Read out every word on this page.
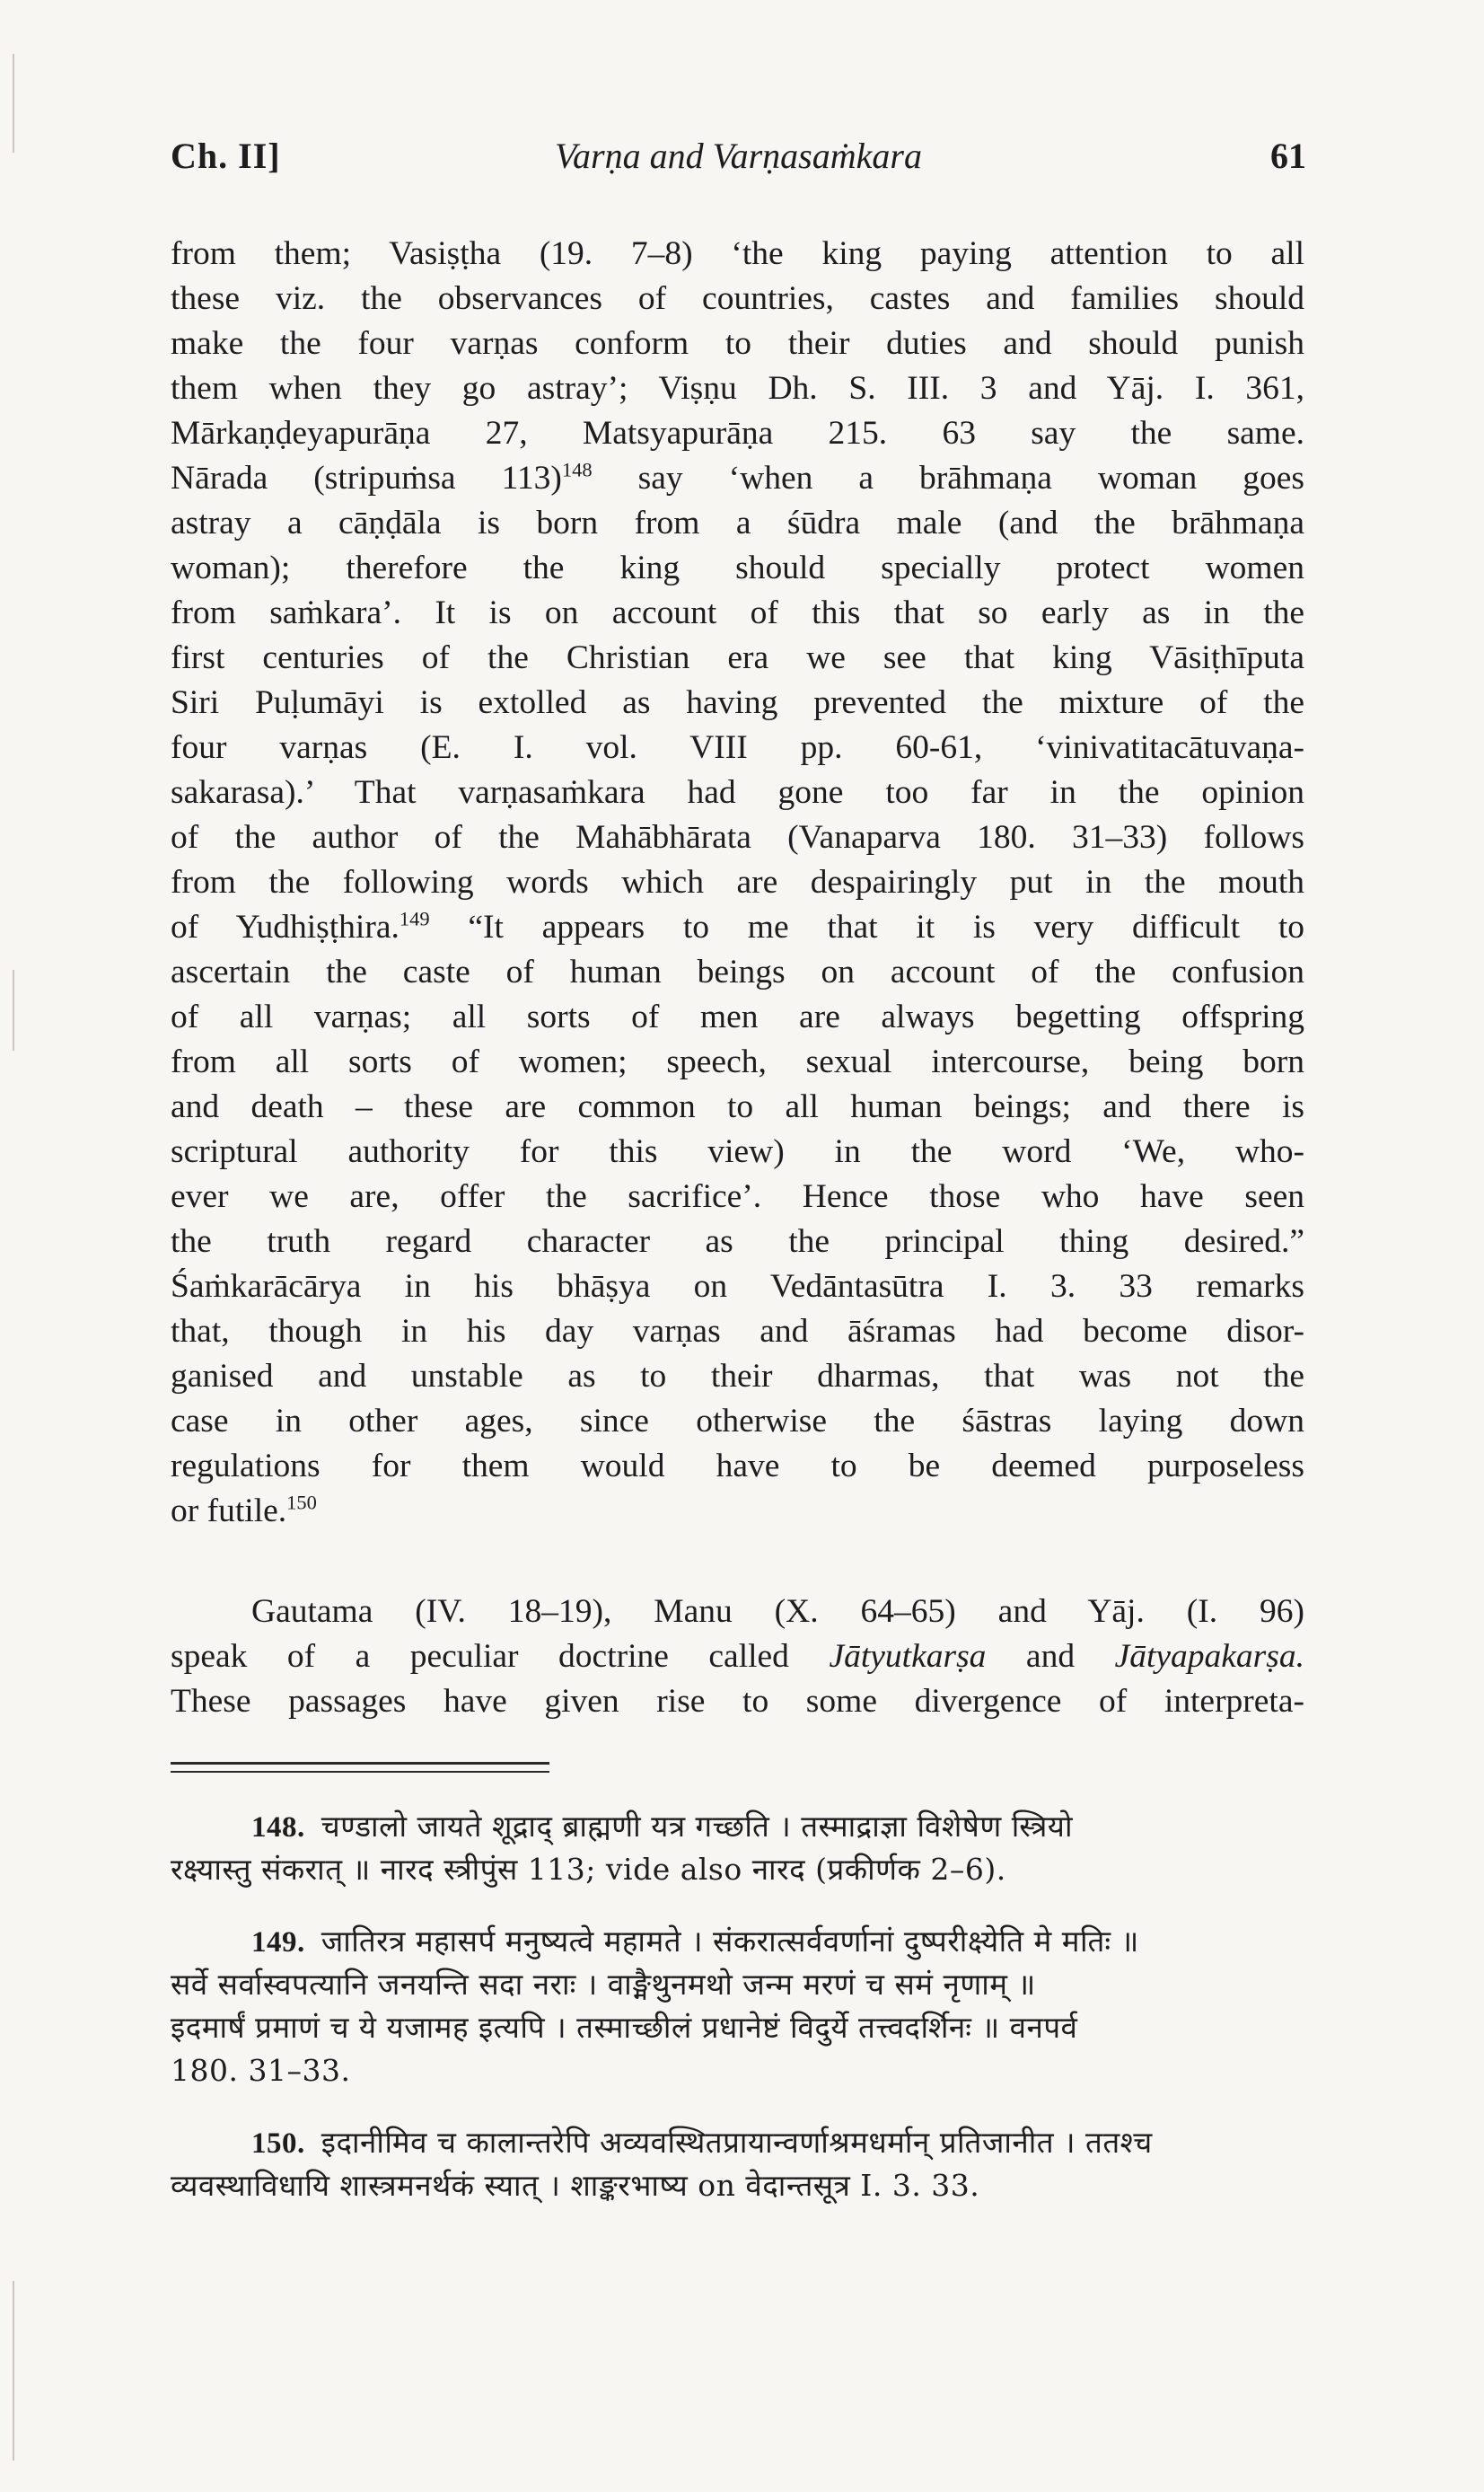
Ch. II]	Varṇa and Varṇasaṁkara	61
from them; Vasiṣṭha (19. 7–8) ‘the king paying attention to all
these viz. the observances of countries, castes and families should
make the four varṇas conform to their duties and should punish
them when they go astray’; Viṣṇu Dh. S. III. 3 and Yāj. I. 361,
Mārkaṇḍeyapurāṇa 27, Matsyapurāṇa 215. 63 say the same.
Nārada (stripuṁsa 113)$^{148}$ say ‘when a brāhmaṇa woman goes
astray a cāṇḍāla is born from a śūdra male (and the brāhmaṇa
woman); therefore the king should specially protect women
from saṁkara’. It is on account of this that so early as in the
first centuries of the Christian era we see that king Vāsiṭhīputa
Siri Puḷumāyi is extolled as having prevented the mixture of the
four varṇas (E. I. vol. VIII pp. 60-61, ‘vinivatitacātuvaṇa-
sakarasa).’ That varṇasaṁkara had gone too far in the opinion
of the author of the Mahābhārata (Vanaparva 180. 31–33) follows
from the following words which are despairingly put in the mouth
of Yudhiṣṭhira.$^{149}$ “It appears to me that it is very difficult to
ascertain the caste of human beings on account of the confusion
of all varṇas; all sorts of men are always begetting offspring
from all sorts of women; speech, sexual intercourse, being born
and death – these are common to all human beings; and there is
scriptural authority for this view) in the word ‘We, who-
ever we are, offer the sacrifice’. Hence those who have seen
the truth regard character as the principal thing desired.”
Śaṁkarācārya in his bhāṣya on Vedāntasūtra I. 3. 33 remarks
that, though in his day varṇas and āśramas had become disor-
ganised and unstable as to their dharmas, that was not the
case in other ages, since otherwise the śāstras laying down
regulations for them would have to be deemed purposeless
or futile.$^{150}$
Gautama (IV. 18–19), Manu (X. 64–65) and Yāj. (I. 96)
speak of a peculiar doctrine called Jātyutkarṣa and Jātyapakarṣa.
These passages have given rise to some divergence of interpreta-
148. चण्डालो जायते शूद्राद् ब्राह्मणी यत्र गच्छति । तस्माद्राज्ञा विशेषेण स्त्रियो
रक्ष्यास्तु संकरात् ॥ नारद स्त्रीपुंस 113; vide also नारद (प्रकीर्णक 2–6).
149. जातिरत्र महासर्प मनुष्यत्वे महामते । संकरात्सर्ववर्णानां दुष्परीक्ष्येति मे मतिः ॥
सर्वे सर्वास्वपत्यानि जनयन्ति सदा नराः । वाङ्मैथुनमथो जन्म मरणं च समं नृणाम् ॥
इदमार्षं प्रमाणं च ये यजामह इत्यपि । तस्माच्छीलं प्रधानेष्टं विदुर्ये तत्त्वदर्शिनः ॥ वनपर्व
180. 31–33.
150. इदानीमिव च कालान्तरेपि अव्यवस्थितप्रायान्वर्णाश्रमधर्मान् प्रतिजानीत । ततश्च
व्यवस्थाविधायि शास्त्रमनर्थकं स्यात् । शाङ्करभाष्य on वेदान्तसूत्र I. 3. 33.
